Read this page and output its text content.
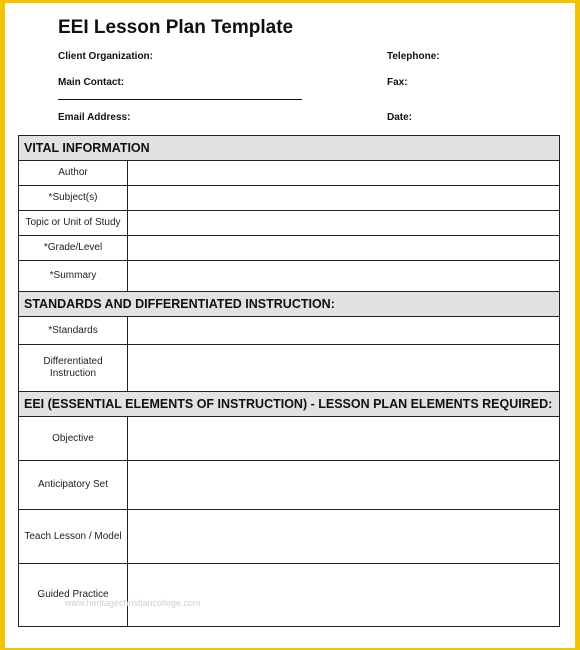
EEI Lesson Plan Template
Client Organization:	Telephone:
Main Contact:	Fax:
Email Address:	Date:
VITAL INFORMATION	
Author	
*Subject(s)	
Topic or Unit of Study	
*Grade/Level	
*Summary	
STANDARDS AND DIFFERENTIATED INSTRUCTION:	
*Standards	
Differentiated Instruction	
EEI (ESSENTIAL ELEMENTS OF INSTRUCTION) - LESSON PLAN ELEMENTS REQUIRED:	
Objective	
Anticipatory Set	
Teach Lesson / Model	
Guided Practice	
www.heritagechristiancollege.com
